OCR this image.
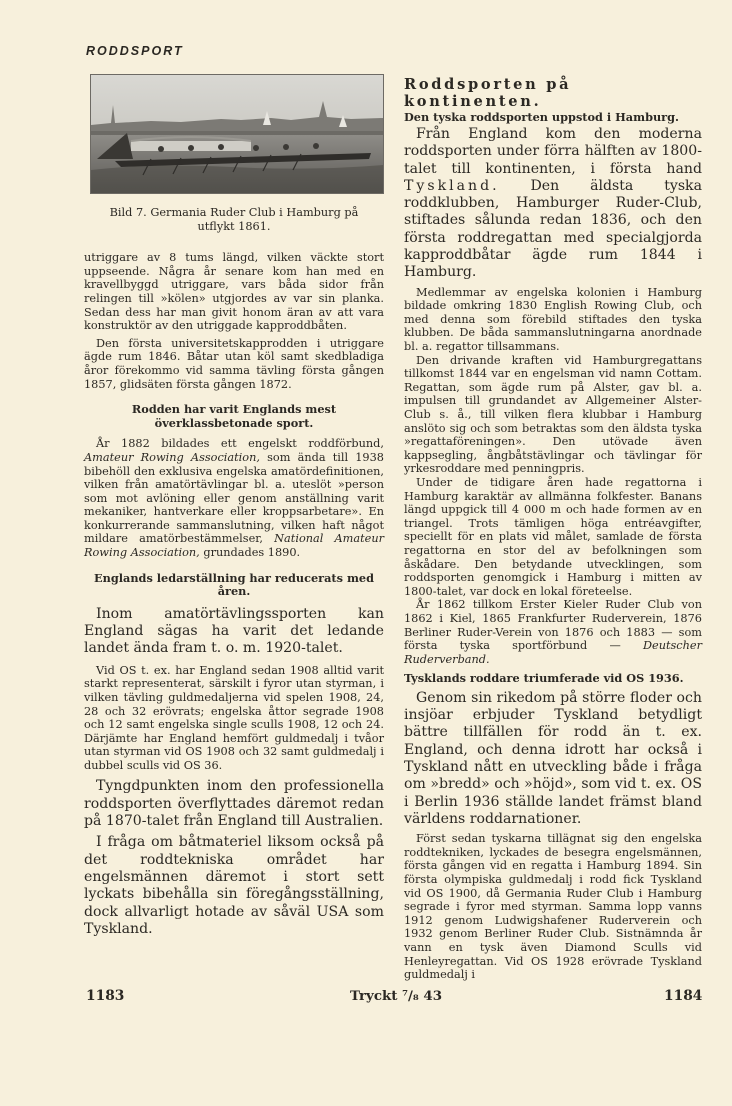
RODDSPORT

Bild 7. Germania Ruder Club i Hamburg på utflykt 1861.

utriggare av 8 tums längd, vilken väckte stort uppseende. Några år senare kom han med en kravellbyggd utriggare, vars båda sidor från relingen till »kölen» utgjordes av var sin planka. Sedan dess har man givit honom äran av att vara konstruktör av den utriggade kapproddbåten.

Den första universitetskapprodden i utriggare ägde rum 1846. Båtar utan köl samt skedbladiga åror förekommo vid samma tävling första gången 1857, glidsäten första gången 1872.

Rodden har varit Englands mest överklassbetonade sport.

År 1882 bildades ett engelskt roddförbund, Amateur Rowing Association, som ända till 1938 bibehöll den exklusiva engelska amatördefinitionen, vilken från amatörtävlingar bl. a. uteslöt »person som mot avlöning eller genom anställning varit mekaniker, hantverkare eller kroppsarbetare». En konkurrerande sammanslutning, vilken haft något mildare amatörbestämmelser, National Amateur Rowing Association, grundades 1890.

Englands ledarställning har reducerats med åren.

Inom amatörtävlingssporten kan England sägas ha varit det ledande landet ända fram t. o. m. 1920-talet.

Vid OS t. ex. har England sedan 1908 alltid varit starkt representerat, särskilt i fyror utan styrman, i vilken tävling guldmedaljerna vid spelen 1908, 24, 28 och 32 erövrats; engelska åttor segrade 1908 och 12 samt engelska single sculls 1908, 12 och 24. Därjämte har England hemfört guldmedalj i tvåor utan styrman vid OS 1908 och 32 samt guldmedalj i dubbel sculls vid OS 36.

Tyngdpunkten inom den professionella roddsporten överflyttades däremot redan på 1870-talet från England till Australien.

I fråga om båtmateriel liksom också på det roddtekniska området har engelsmännen däremot i stort sett lyckats bibehålla sin föregångsställning, dock allvarligt hotade av såväl USA som Tyskland.

Roddsporten på kontinenten.

Den tyska roddsporten uppstod i Hamburg.

Från England kom den moderna roddsporten under förra hälften av 1800-talet till kontinenten, i första hand Tyskland. Den äldsta tyska roddklubben, Hamburger Ruder-Club, stiftades sålunda redan 1836, och den första roddregattan med specialgjorda kapproddbåtar ägde rum 1844 i Hamburg.

Medlemmar av engelska kolonien i Hamburg bildade omkring 1830 English Rowing Club, och med denna som förebild stiftades den tyska klubben. De båda sammanslutningarna anordnade bl. a. regattor tillsammans.

Den drivande kraften vid Hamburgregattans tillkomst 1844 var en engelsman vid namn Cottam. Regattan, som ägde rum på Alster, gav bl. a. impulsen till grundandet av Allgemeiner Alster-Club s. å., till vilken flera klubbar i Hamburg anslöto sig och som betraktas som den äldsta tyska »regattaföreningen». Den utövade även kappsegling, ångbåtstävlingar och tävlingar för yrkesroddare med penningpris.

Under de tidigare åren hade regattorna i Hamburg karaktär av allmänna folkfester. Banans längd uppgick till 4 000 m och hade formen av en triangel. Trots tämligen höga entréavgifter, speciellt för en plats vid målet, samlade de första regattorna en stor del av befolkningen som åskådare. Den betydande utvecklingen, som roddsporten genomgick i Hamburg i mitten av 1800-talet, var dock en lokal företeelse.

År 1862 tillkom Erster Kieler Ruder Club von 1862 i Kiel, 1865 Frankfurter Ruderverein, 1876 Berliner Ruder-Verein von 1876 och 1883 — som första tyska sportförbund — Deutscher Ruderverband.

Tysklands roddare triumferade vid OS 1936.

Genom sin rikedom på större floder och insjöar erbjuder Tyskland betydligt bättre tillfällen för rodd än t. ex. England, och denna idrott har också i Tyskland nått en utveckling både i fråga om »bredd» och »höjd», som vid t. ex. OS i Berlin 1936 ställde landet främst bland världens roddarnationer.

Först sedan tyskarna tillägnat sig den engelska roddtekniken, lyckades de besegra engelsmännen, första gången vid en regatta i Hamburg 1894. Sin första olympiska guldmedalj i rodd fick Tyskland vid OS 1900, då Germania Ruder Club i Hamburg segrade i fyror med styrman. Samma lopp vanns 1912 genom Ludwigshafener Ruderverein och 1932 genom Berliner Ruder Club. Sistnämnda år vann en tysk även Diamond Sculls vid Henleyregattan. Vid OS 1928 erövrade Tyskland guldmedalj i

1183	Tryckt ⁷/₈ 43	1184
